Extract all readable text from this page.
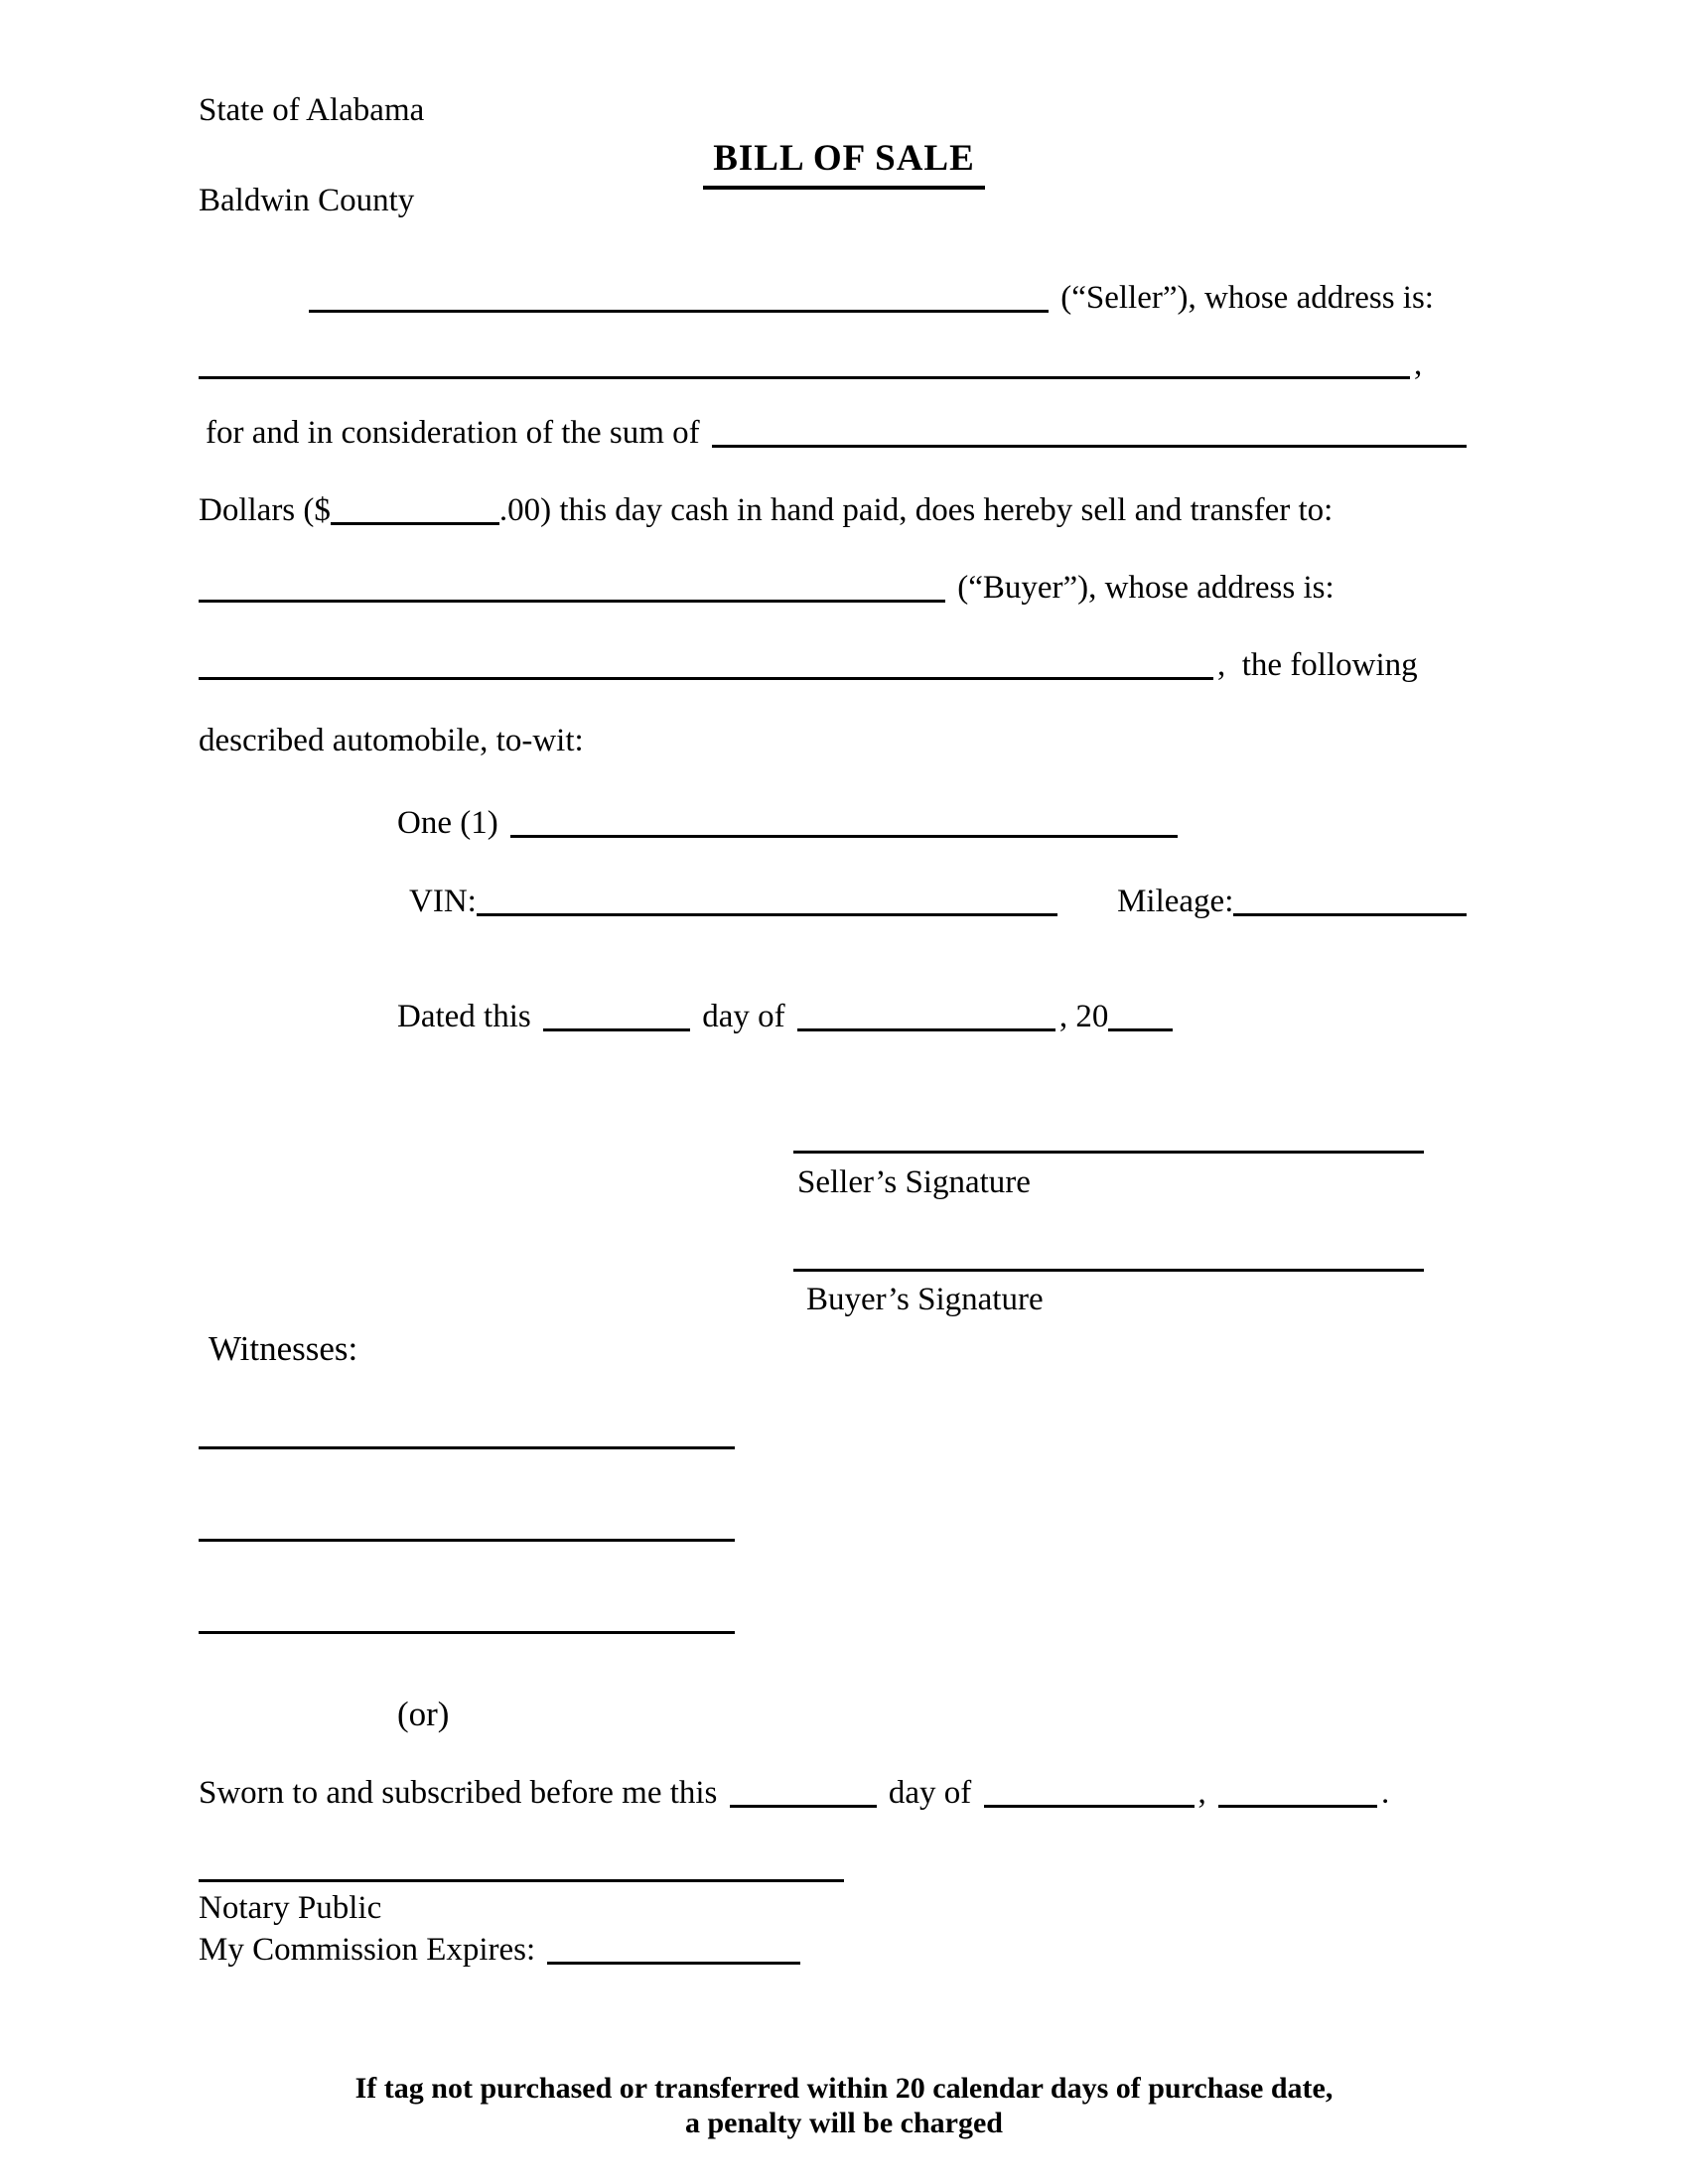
State of Alabama
BILL OF SALE
Baldwin County
(“Seller”), whose address is:
,
for and in consideration of the sum of
Dollars ($	.00) this day cash in hand paid, does hereby sell and transfer to:
(“Buyer”), whose address is:
,  the following
described automobile, to-wit:
One (1)
VIN:	Mileage:
Dated this	day of	, 20
Seller’s Signature
Buyer’s Signature
Witnesses:
(or)
Sworn to and subscribed before me this	day of	,	.
Notary Public
My Commission Expires:
If tag not purchased or transferred within 20 calendar days of purchase date,
a penalty will be charged
